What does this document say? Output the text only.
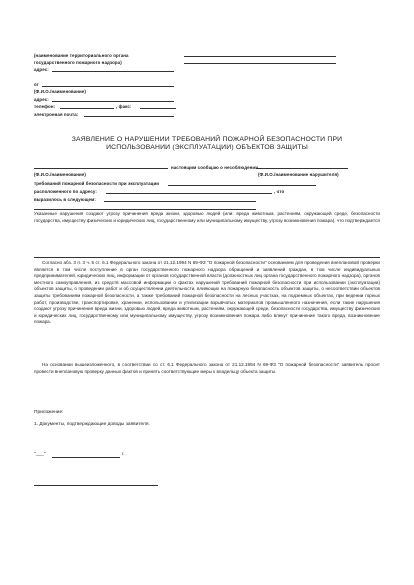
(наименование территориального органа
государственного пожарного надзора)
адрес:
от
(Ф.И.О./наименование)
адрес:
телефон:	, факс:
электронная почта:
ЗАЯВЛЕНИЕ О НАРУШЕНИИ ТРЕБОВАНИЙ ПОЖАРНОЙ БЕЗОПАСНОСТИ ПРИ
ИСПОЛЬЗОВАНИИ (ЭКСПЛУАТАЦИИ) ОБЪЕКТОВ ЗАЩИТЫ
настоящим сообщаю о несоблюдении
(Ф.И.О./наименование)	(Ф.И.О./наименование нарушителя)
требований пожарной безопасности при эксплуатации
расположенного по адресу:	, что
выразилось в следующем:

Указанные нарушения создают угрозу причинения вреда жизни, здоровью людей (или: вреда животным, растениям, окружающей среде, безопасности государства, имуществу физических и юридических лиц, государственному или муниципальному имуществу, угрозу возникновения пожара), что подтверждается

Согласно абз. 3 п. 3 ч. 5 ст. 6.1 Федерального закона от 21.12.1994 N 69-ФЗ "О пожарной безопасности" основанием для проведения внеплановой проверки является в том числе поступление в орган государственного пожарного надзора обращений и заявлений граждан, в том числе индивидуальных предпринимателей, юридических лиц, информации от органов государственной власти (должностных лиц органа государственного пожарного надзора), органов местного самоуправления, из средств массовой информации о фактах нарушений требований пожарной безопасности при использовании (эксплуатации) объектов защиты, о проведении работ и об осуществлении деятельности, влияющих на пожарную безопасность объектов защиты, о несоответствии объектов защиты требованиям пожарной безопасности, а также требований пожарной безопасности на лесных участках, на подземных объектах, при ведении горных работ, производстве, транспортировке, хранении, использовании и утилизации взрывчатых материалов промышленного назначения, если такие нарушения создают угрозу причинения вреда жизни, здоровью людей, вреда животным, растениям, окружающей среде, безопасности государства, имуществу физических и юридических лиц, государственному или муниципальному имуществу, угрозу возникновения пожара либо влекут причинение такого вреда, возникновение пожара.

На основании вышеизложенного, в соответствии со ст. 6.1 Федерального закона от 21.12.1994 N 69-ФЗ "О пожарной безопасности" заявитель просит провести внеплановую проверку данных фактов и принять соответствующие меры к владельцу объекта защиты.

Приложение:
1. Документы, подтверждающие доводы заявителя.
"___"	г.
